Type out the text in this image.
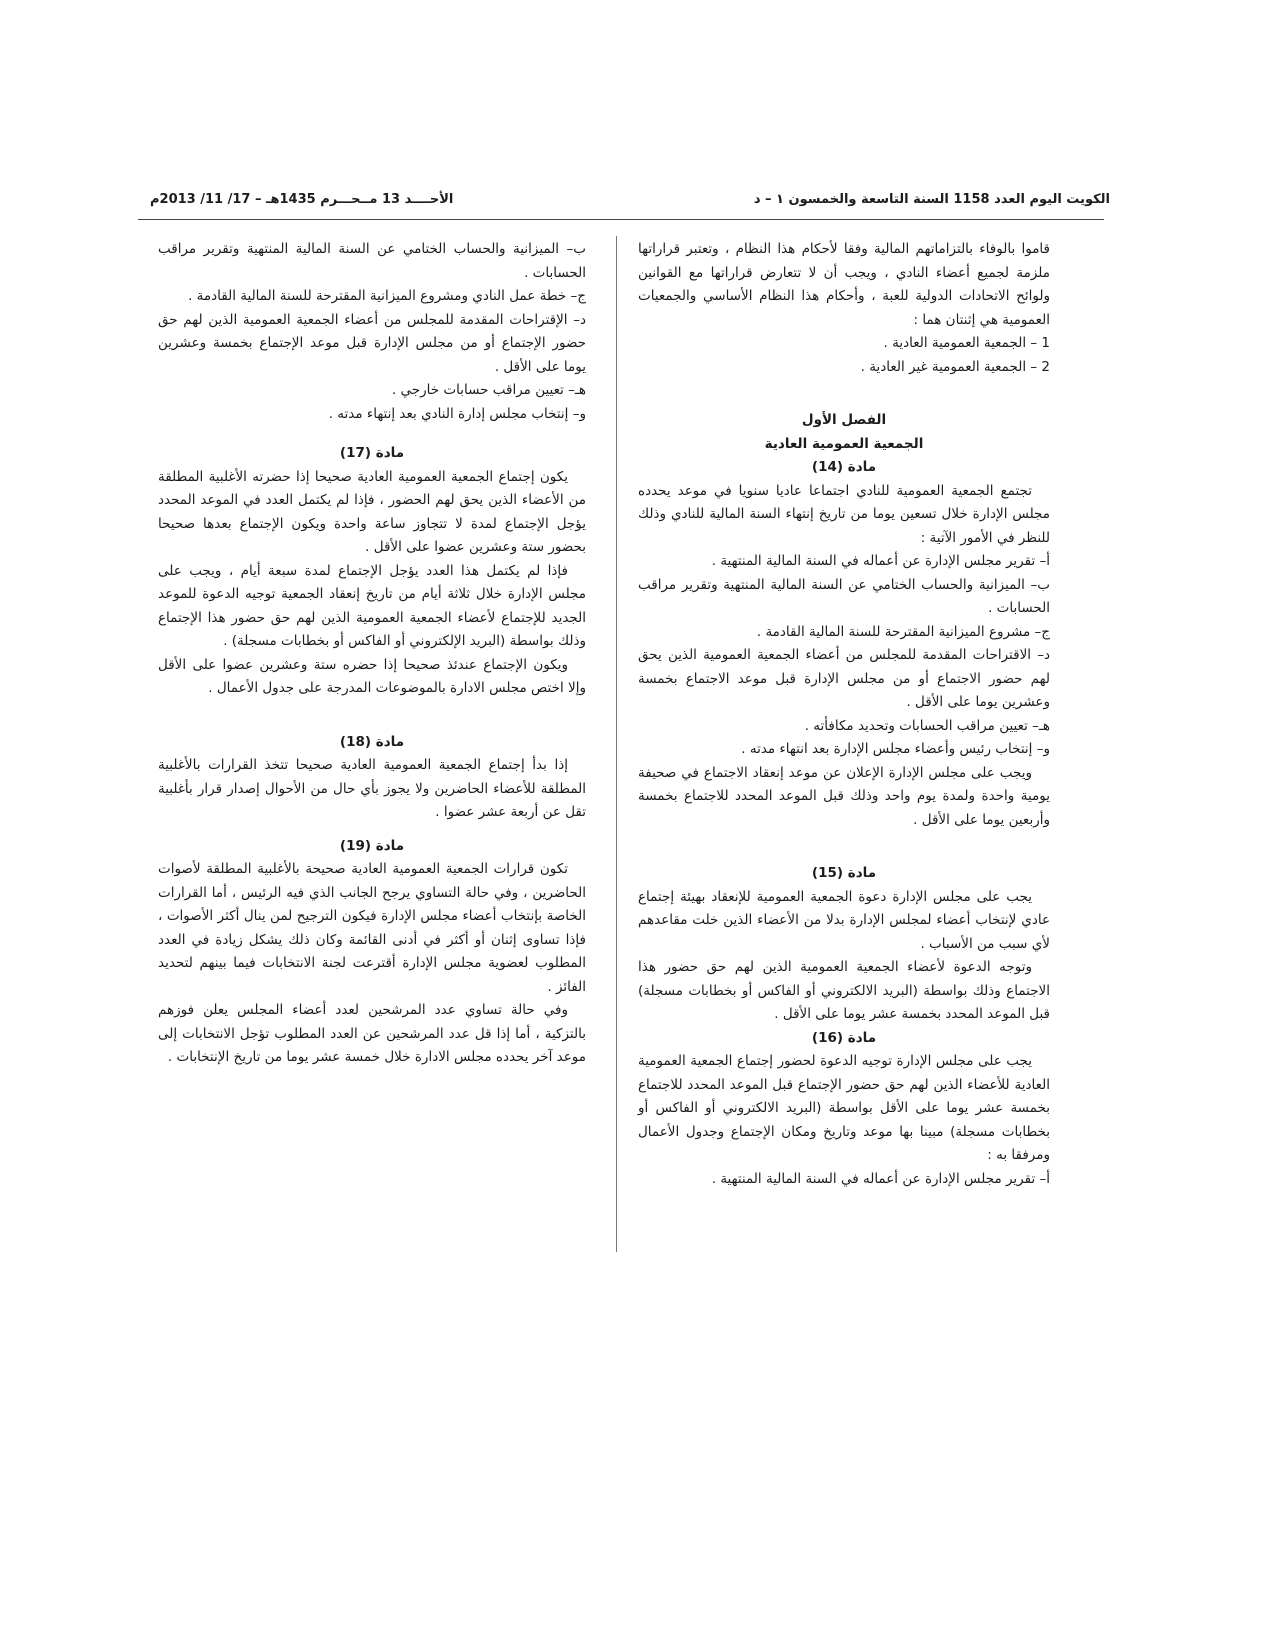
الكويت اليوم العدد 1158 السنة التاسعة والخمسون ١ – د
الأحــــد 13 مــحـــرم 1435هـ – 17/ 11/ 2013م

قاموا بالوفاء بالتزاماتهم المالية وفقا لأحكام هذا النظام ، وتعتبر قراراتها ملزمة لجميع أعضاء النادي ، ويجب أن لا تتعارض قراراتها مع القوانين ولوائح الاتحادات الدولية للعبة ، وأحكام هذا النظام الأساسي والجمعيات العمومية هي إثنتان هما :

1 – الجمعية العمومية العادية .

2 – الجمعية العمومية غير العادية .

الفصل الأول

الجمعية العمومية العادية

مادة (14)

تجتمع الجمعية العمومية للنادي اجتماعا عاديا سنويا في موعد يحدده مجلس الإدارة خلال تسعين يوما من تاريخ إنتهاء السنة المالية للنادي وذلك للنظر في الأمور الآتية :

أ– تقرير مجلس الإدارة عن أعماله في السنة المالية المنتهية .

ب– الميزانية والحساب الختامي عن السنة المالية المنتهية وتقرير مراقب الحسابات .

ج– مشروع الميزانية المقترحة للسنة المالية القادمة .

د– الاقتراحات المقدمة للمجلس من أعضاء الجمعية العمومية الذين يحق لهم حضور الاجتماع أو من مجلس الإدارة قبل موعد الاجتماع بخمسة وعشرين يوما على الأقل .

هـ– تعيين مراقب الحسابات وتحديد مكافأته .

و– إنتخاب رئيس وأعضاء مجلس الإدارة بعد انتهاء مدته .

ويجب على مجلس الإدارة الإعلان عن موعد إنعقاد الاجتماع في صحيفة يومية واحدة ولمدة يوم واحد وذلك قبل الموعد المحدد للاجتماع بخمسة وأربعين يوما على الأقل .

مادة (15)

يجب على مجلس الإدارة دعوة الجمعية العمومية للإنعقاد بهيئة إجتماع عادي لإنتخاب أعضاء لمجلس الإدارة بدلا من الأعضاء الذين خلت مقاعدهم لأي سبب من الأسباب .

وتوجه الدعوة لأعضاء الجمعية العمومية الذين لهم حق حضور هذا الاجتماع وذلك بواسطة (البريد الالكتروني أو الفاكس أو بخطابات مسجلة) قبل الموعد المحدد بخمسة عشر يوما على الأقل .

مادة (16)

يجب على مجلس الإدارة توجيه الدعوة لحضور إجتماع الجمعية العمومية العادية للأعضاء الذين لهم حق حضور الإجتماع قبل الموعد المحدد للاجتماع بخمسة عشر يوما على الأقل بواسطة (البريد الالكتروني أو الفاكس أو بخطابات مسجلة) مبينا بها موعد وتاريخ ومكان الإجتماع وجدول الأعمال ومرفقا به :

أ– تقرير مجلس الإدارة عن أعماله في السنة المالية المنتهية .

ب– الميزانية والحساب الختامي عن السنة المالية المنتهية وتقرير مراقب الحسابات .

ج– خطة عمل النادي ومشروع الميزانية المقترحة للسنة المالية القادمة .

د– الإقتراحات المقدمة للمجلس من أعضاء الجمعية العمومية الذين لهم حق حضور الإجتماع أو من مجلس الإدارة قبل موعد الإجتماع بخمسة وعشرين يوما على الأقل .

هـ– تعيين مراقب حسابات خارجي .

و– إنتخاب مجلس إدارة النادي بعد إنتهاء مدته .

مادة (17)

يكون إجتماع الجمعية العمومية العادية صحيحا إذا حضرته الأغلبية المطلقة من الأعضاء الذين يحق لهم الحضور ، فإذا لم يكتمل العدد في الموعد المحدد يؤجل الإجتماع لمدة لا تتجاوز ساعة واحدة ويكون الإجتماع بعدها صحيحا بحضور ستة وعشرين عضوا على الأقل .

فإذا لم يكتمل هذا العدد يؤجل الإجتماع لمدة سبعة أيام ، ويجب على مجلس الإدارة خلال ثلاثة أيام من تاريخ إنعقاد الجمعية توجيه الدعوة للموعد الجديد للإجتماع لأعضاء الجمعية العمومية الذين لهم حق حضور هذا الإجتماع وذلك بواسطة (البريد الإلكتروني أو الفاكس أو بخطابات مسجلة) .

ويكون الإجتماع عندئذ صحيحا إذا حضره ستة وعشرين عضوا على الأقل وإلا اختص مجلس الادارة بالموضوعات المدرجة على جدول الأعمال .

مادة (18)

إذا بدأ إجتماع الجمعية العمومية العادية صحيحا تتخذ القرارات بالأغلبية المطلقة للأعضاء الحاضرين ولا يجوز بأي حال من الأحوال إصدار قرار بأغلبية تقل عن أربعة عشر عضوا .

مادة (19)

تكون قرارات الجمعية العمومية العادية صحيحة بالأغلبية المطلقة لأصوات الحاضرين ، وفي حالة التساوي يرجح الجانب الذي فيه الرئيس ، أما القرارات الخاصة بإنتخاب أعضاء مجلس الإدارة فيكون الترجيح لمن ينال أكثر الأصوات ، فإذا تساوى إثنان أو أكثر في أدنى القائمة وكان ذلك يشكل زيادة في العدد المطلوب لعضوية مجلس الإدارة أقترعت لجنة الانتخابات فيما بينهم لتحديد الفائز .

وفي حالة تساوي عدد المرشحين لعدد أعضاء المجلس يعلن فوزهم بالتزكية ، أما إذا قل عدد المرشحين عن العدد المطلوب تؤجل الانتخابات إلى موعد آخر يحدده مجلس الادارة خلال خمسة عشر يوما من تاريخ الإنتخابات .
